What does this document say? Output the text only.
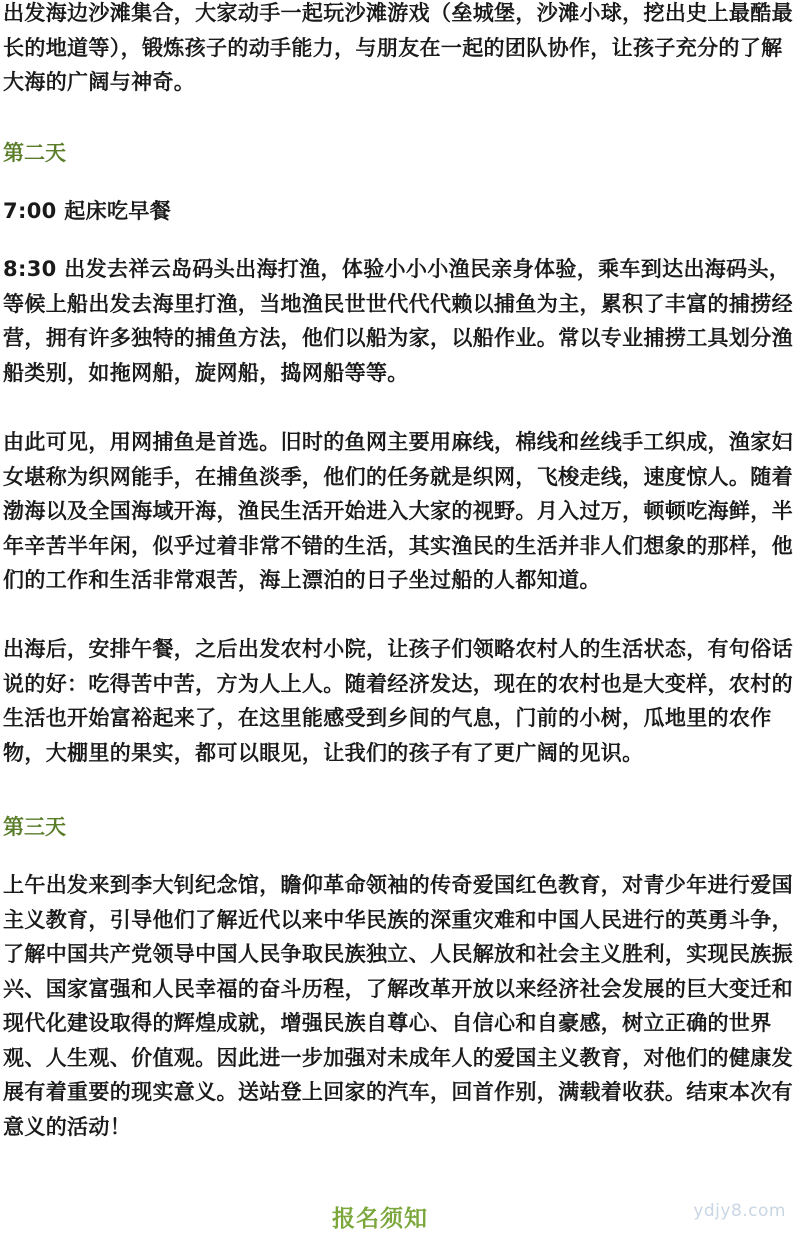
出发海边沙滩集合，大家动手一起玩沙滩游戏（垒城堡，沙滩小球，挖出史上最酷最长的地道等），锻炼孩子的动手能力，与朋友在一起的团队协作，让孩子充分的了解大海的广阔与神奇。

第二天

7:00 起床吃早餐

8:30 出发去祥云岛码头出海打渔，体验小小小渔民亲身体验，乘车到达出海码头，等候上船出发去海里打渔，当地渔民世世代代代赖以捕鱼为主，累积了丰富的捕捞经营，拥有许多独特的捕鱼方法，他们以船为家，以船作业。常以专业捕捞工具划分渔船类别，如拖网船，旋网船，捣网船等等。

由此可见，用网捕鱼是首选。旧时的鱼网主要用麻线，棉线和丝线手工织成，渔家妇女堪称为织网能手，在捕鱼淡季，他们的任务就是织网，飞梭走线，速度惊人。随着渤海以及全国海域开海，渔民生活开始进入大家的视野。月入过万，顿顿吃海鲜，半年辛苦半年闲，似乎过着非常不错的生活，其实渔民的生活并非人们想象的那样，他们的工作和生活非常艰苦，海上漂泊的日子坐过船的人都知道。

出海后，安排午餐，之后出发农村小院，让孩子们领略农村人的生活状态，有句俗话说的好：吃得苦中苦，方为人上人。随着经济发达，现在的农村也是大变样，农村的生活也开始富裕起来了，在这里能感受到乡间的气息，门前的小树，瓜地里的农作物，大棚里的果实，都可以眼见，让我们的孩子有了更广阔的见识。

第三天

上午出发来到李大钊纪念馆，瞻仰革命领袖的传奇爱国红色教育，对青少年进行爱国主义教育，引导他们了解近代以来中华民族的深重灾难和中国人民进行的英勇斗争，了解中国共产党领导中国人民争取民族独立、人民解放和社会主义胜利，实现民族振兴、国家富强和人民幸福的奋斗历程，了解改革开放以来经济社会发展的巨大变迁和现代化建设取得的辉煌成就，增强民族自尊心、自信心和自豪感，树立正确的世界观、人生观、价值观。因此进一步加强对未成年人的爱国主义教育，对他们的健康发展有着重要的现实意义。送站登上回家的汽车，回首作别，满载着收获。结束本次有意义的活动！

报名须知	ydjy8.com
